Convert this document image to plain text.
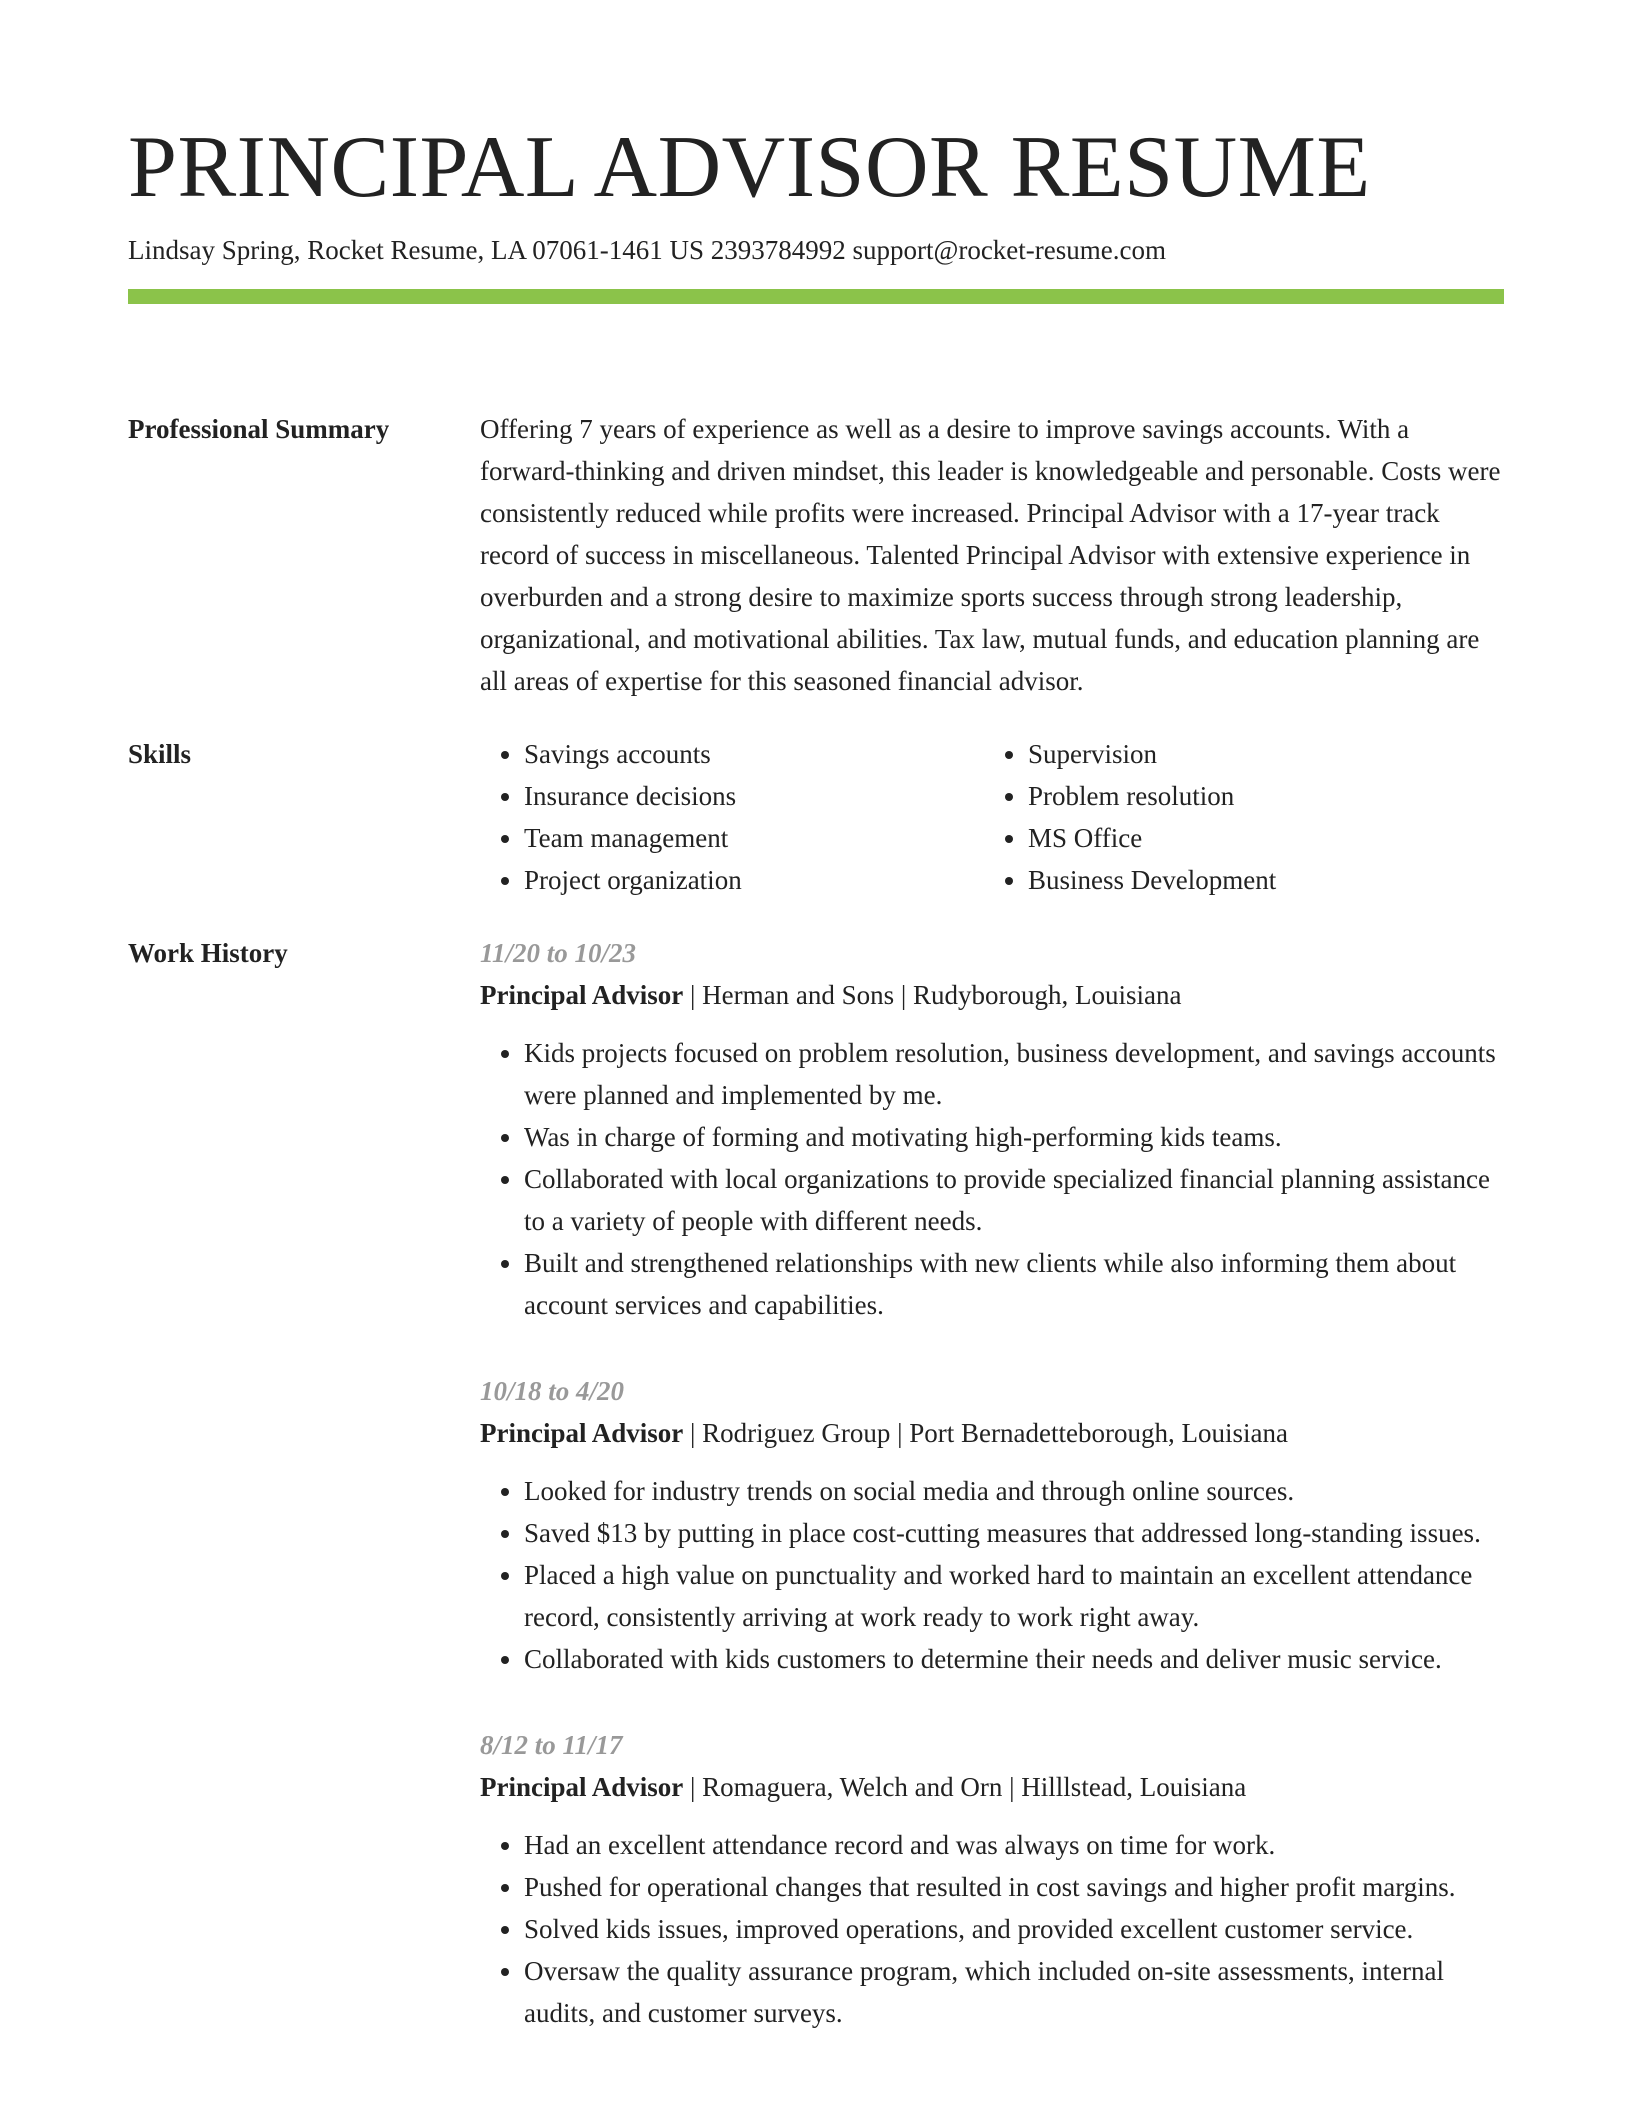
PRINCIPAL ADVISOR RESUME
Lindsay Spring, Rocket Resume, LA 07061-1461 US 2393784992 support@rocket-resume.com
Professional Summary	Offering 7 years of experience as well as a desire to improve savings accounts. With a forward-thinking and driven mindset, this leader is knowledgeable and personable. Costs were consistently reduced while profits were increased. Principal Advisor with a 17-year track record of success in miscellaneous. Talented Principal Advisor with extensive experience in overburden and a strong desire to maximize sports success through strong leadership, organizational, and motivational abilities. Tax law, mutual funds, and education planning are all areas of expertise for this seasoned financial advisor.

Skills
•	Savings accounts
• Insurance decisions
• Team management
• Project organization
• Supervision
• Problem resolution
• MS Office
• Business Development
Work History	11/20 to 10/23
Principal Advisor | Herman and Sons | Rudyborough, Louisiana
• Kids projects focused on problem resolution, business development, and savings accounts were planned and implemented by me.
• Was in charge of forming and motivating high-performing kids teams.
• Collaborated with local organizations to provide specialized financial planning assistance to a variety of people with different needs.
• Built and strengthened relationships with new clients while also informing them about account services and capabilities.
10/18 to 4/20
Principal Advisor | Rodriguez Group | Port Bernadetteborough, Louisiana
• Looked for industry trends on social media and through online sources.
• Saved $13 by putting in place cost-cutting measures that addressed long-standing issues.
• Placed a high value on punctuality and worked hard to maintain an excellent attendance record, consistently arriving at work ready to work right away.
• Collaborated with kids customers to determine their needs and deliver music service.
8/12 to 11/17
Principal Advisor | Romaguera, Welch and Orn | Hilllstead, Louisiana
• Had an excellent attendance record and was always on time for work.
• Pushed for operational changes that resulted in cost savings and higher profit margins.
• Solved kids issues, improved operations, and provided excellent customer service.
• Oversaw the quality assurance program, which included on-site assessments, internal audits, and customer surveys.
